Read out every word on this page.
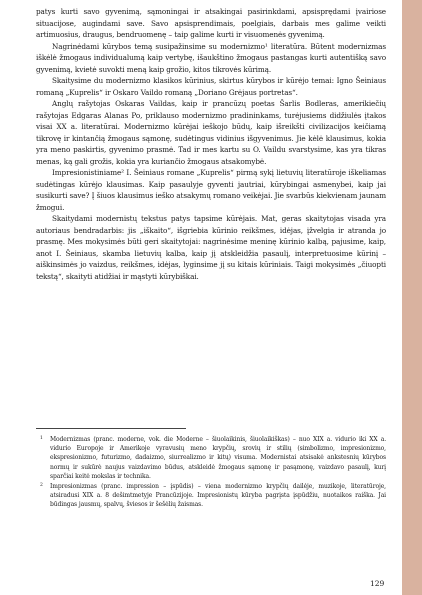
patys kurti savo gyvenimą, sąmoningai ir atsakingai pasirinkdami, apsisprędami įvairiose situacijose, augindami save. Savo apsisprendimais, poelgiais, darbais mes galime veikti artimuosius, draugus, bendruomenę – taip galime kurti ir visuomenės gyvenimą.

Nagrinėdami kūrybos temą susipažinsime su modernizmo¹ literatūra. Būtent modernizmas iškėlė žmogaus individualumą kaip vertybę, išaukštino žmogaus pastangas kurti autentišką savo gyvenimą, kvietė suvokti meną kaip grožio, kitos tikrovės kūrimą.

Skaitysime du modernizmo klasikos kūrinius, skirtus kūrybos ir kūrėjo temai: Igno Šeiniaus romaną „Kuprelis“ ir Oskaro Vaildo romaną „Doriano Grėjaus portretas“.

Anglų rašytojas Oskaras Vaildas, kaip ir prancūzų poetas Šarlis Bodleras, amerikiečių rašytojas Edgaras Alanas Po, priklauso modernizmo pradininkams, turėjusiems didžiulės įtakos visai XX a. literatūrai. Modernizmo kūrėjai ieškojo būdų, kaip išreikšti civilizacijos keičiamą tikrovę ir kintančią žmogaus sąmonę, sudėtingus vidinius išgyvenimus. Jie kėlė klausimus, kokia yra meno paskirtis, gyvenimo prasmė. Tad ir mes kartu su O. Vaildu svarstysime, kas yra tikras menas, ką gali grožis, kokia yra kuriančio žmogaus atsakomybė.

Impresionistiniame² I. Šeiniaus romane „Kuprelis“ pirmą sykį lietuvių literatūroje iškeliamas sudėtingas kūrėjo klausimas. Kaip pasaulyje gyventi jautriai, kūrybingai asmenybei, kaip jai susikurti save? Į šiuos klausimus ieško atsakymų romano veikėjai. Jie svarbūs kiekvienam jaunam žmogui.

Skaitydami modernistų tekstus patys tapsime kūrėjais. Mat, geras skaitytojas visada yra autoriaus bendradarbis: jis „iškaito“, išgriebia kūrinio reikšmes, idėjas, įžvelgia ir atranda jo prasmę. Mes mokysimės būti geri skaitytojai: nagrinėsime meninę kūrinio kalbą, pajusime, kaip, anot I. Šeiniaus, skamba lietuvių kalba, kaip jį atskleidžia pasaulį, interpretuosime kūrinį – aiškinsimės jo vaizdus, reikšmes, idėjas, lyginsime jį su kitais kūriniais. Taigi mokysimės „čiuopti tekstą“, skaityti atidžiai ir mąstyti kūrybiškai.

1 Modernizmas (pranc. moderne, vok. die Moderne – šiuolaikinis, šiuolaikiškas) – nuo XIX a. vidurio iki XX a. vidurio Europoje ir Amerikoje vyravusių meno krypčių, srovių ir stilių (simbolizmo, impresionizmo, ekspresionizmo, futurizmo, dadaizmo, siurrealizmo ir kitų) visuma. Modernistai atsisakė ankstesnių kūrybos normų ir sukūrė naujus vaizdavimo būdus, atskleidė žmogaus sąmonę ir pasąmonę, vaizdavo pasaulį, kurį sparčiai keitė mokslas ir technika.

2 Impresionizmas (pranc. impression – įspūdis) – viena modernizmo krypčių dailėje, muzikoje, literatūroje, atsiradusi XIX a. 8 dešimtmetyje Prancūzijoje. Impresionistų kūryba pagrįsta įspūdžiu, nuotaikos raiška. Jai būdingas jausmų, spalvų, šviesos ir šešėlių žaismas.

129
